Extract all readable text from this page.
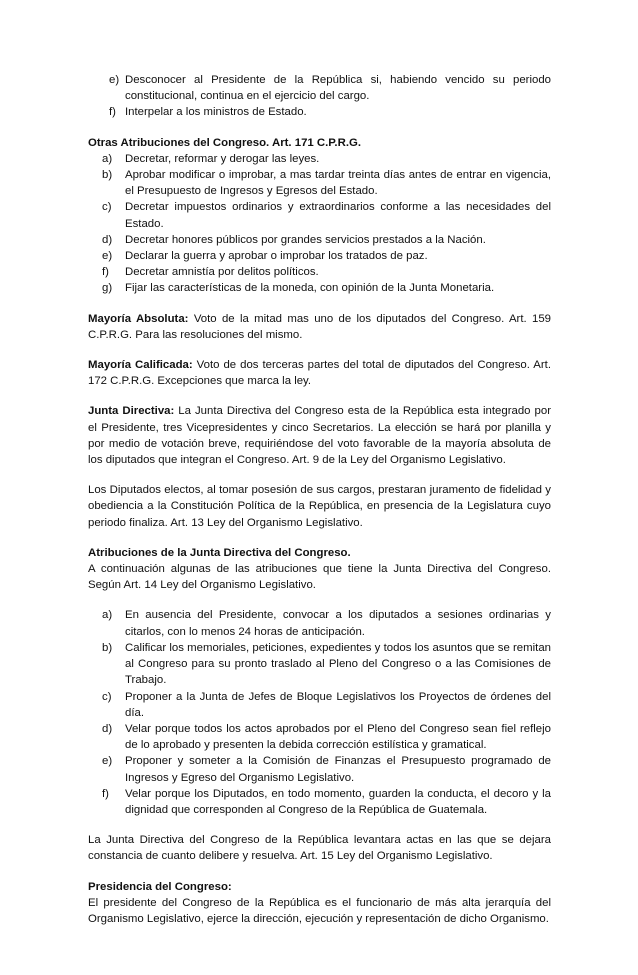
e) Desconocer al Presidente de la República si, habiendo vencido su periodo constitucional, continua en el ejercicio del cargo.
f) Interpelar a los ministros de Estado.

Otras Atribuciones del Congreso. Art. 171 C.P.R.G.

a) Decretar, reformar y derogar las leyes.
b) Aprobar modificar o improbar, a mas tardar treinta días antes de entrar en vigencia, el Presupuesto de Ingresos y Egresos del Estado.
c) Decretar impuestos ordinarios y extraordinarios conforme a las necesidades del Estado.
d) Decretar honores públicos por grandes servicios prestados a la Nación.
e) Declarar la guerra y aprobar o improbar los tratados de paz.
f) Decretar amnistía por delitos políticos.
g) Fijar las características de la moneda, con opinión de la Junta Monetaria.

Mayoría Absoluta: Voto de la mitad mas uno de los diputados del Congreso. Art. 159 C.P.R.G. Para las resoluciones del mismo.

Mayoría Calificada: Voto de dos terceras partes del total de diputados del Congreso. Art. 172 C.P.R.G. Excepciones que marca la ley.

Junta Directiva: La Junta Directiva del Congreso esta de la República esta integrado por el Presidente, tres Vicepresidentes y cinco Secretarios. La elección se hará por planilla y por medio de votación breve, requiriéndose del voto favorable de la mayoría absoluta de los diputados que integran el Congreso. Art. 9 de la Ley del Organismo Legislativo.

Los Diputados electos, al tomar posesión de sus cargos, prestaran juramento de fidelidad y obediencia a la Constitución Política de la República, en presencia de la Legislatura cuyo periodo finaliza. Art. 13 Ley del Organismo Legislativo.

Atribuciones de la Junta Directiva del Congreso.

A continuación algunas de las atribuciones que tiene la Junta Directiva del Congreso. Según Art. 14 Ley del Organismo Legislativo.

a) En ausencia del Presidente, convocar a los diputados a sesiones ordinarias y citarlos, con lo menos 24 horas de anticipación.
b) Calificar los memoriales, peticiones, expedientes y todos los asuntos que se remitan al Congreso para su pronto traslado al Pleno del Congreso o a las Comisiones de Trabajo.
c) Proponer a la Junta de Jefes de Bloque Legislativos los Proyectos de órdenes del día.
d) Velar porque todos los actos aprobados por el Pleno del Congreso sean fiel reflejo de lo aprobado y presenten la debida corrección estilística y gramatical.
e) Proponer y someter a la Comisión de Finanzas el Presupuesto programado de Ingresos y Egreso del Organismo Legislativo.
f) Velar porque los Diputados, en todo momento, guarden la conducta, el decoro y la dignidad que corresponden al Congreso de la República de Guatemala.

La Junta Directiva del Congreso de la República levantara actas en las que se dejara constancia de cuanto delibere y resuelva. Art. 15 Ley del Organismo Legislativo.

Presidencia del Congreso:

El presidente del Congreso de la República es el funcionario de más alta jerarquía del Organismo Legislativo, ejerce la dirección, ejecución y representación de dicho Organismo.
